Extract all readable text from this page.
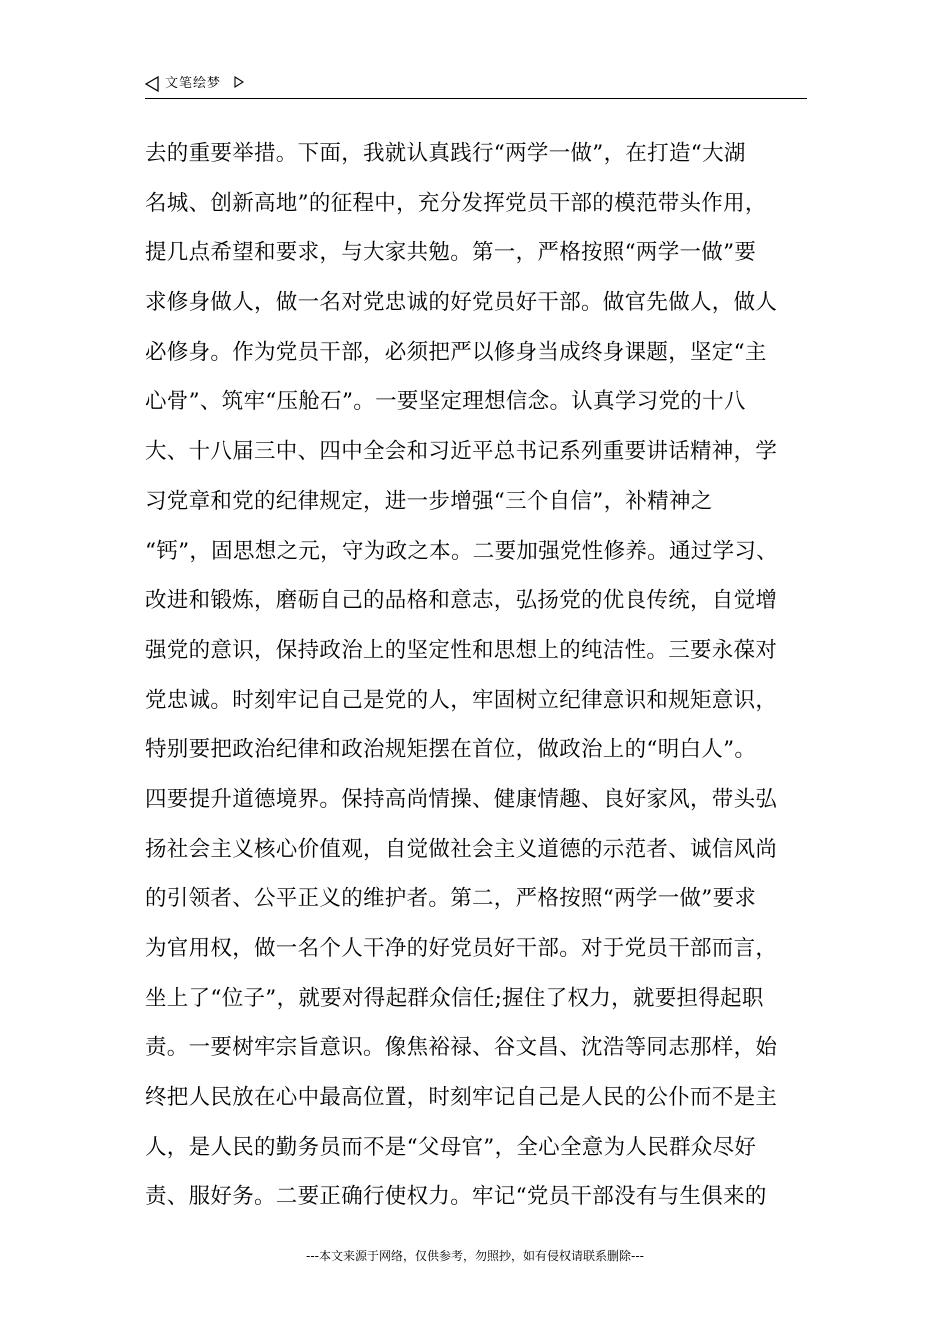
文笔绘梦
去的重要举措。下面，我就认真践行“两学一做”，在打造“大湖
名城、创新高地”的征程中，充分发挥党员干部的模范带头作用，
提几点希望和要求，与大家共勉。第一，严格按照“两学一做”要
求修身做人，做一名对党忠诚的好党员好干部。做官先做人，做人
必修身。作为党员干部，必须把严以修身当成终身课题，坚定“主
心骨”、筑牢“压舱石”。一要坚定理想信念。认真学习党的十八
大、十八届三中、四中全会和习近平总书记系列重要讲话精神，学
习党章和党的纪律规定，进一步增强“三个自信”，补精神之
“钙”，固思想之元，守为政之本。二要加强党性修养。通过学习、
改进和锻炼，磨砺自己的品格和意志，弘扬党的优良传统，自觉增
强党的意识，保持政治上的坚定性和思想上的纯洁性。三要永葆对
党忠诚。时刻牢记自己是党的人，牢固树立纪律意识和规矩意识，
特别要把政治纪律和政治规矩摆在首位，做政治上的“明白人”。
四要提升道德境界。保持高尚情操、健康情趣、良好家风，带头弘
扬社会主义核心价值观，自觉做社会主义道德的示范者、诚信风尚
的引领者、公平正义的维护者。第二，严格按照“两学一做”要求
为官用权，做一名个人干净的好党员好干部。对于党员干部而言，
坐上了“位子”，就要对得起群众信任;握住了权力，就要担得起职
责。一要树牢宗旨意识。像焦裕禄、谷文昌、沈浩等同志那样，始
终把人民放在心中最高位置，时刻牢记自己是人民的公仆而不是主
人，是人民的勤务员而不是“父母官”，全心全意为人民群众尽好
责、服好务。二要正确行使权力。牢记“党员干部没有与生俱来的
---本文来源于网络，仅供参考，勿照抄，如有侵权请联系删除---
